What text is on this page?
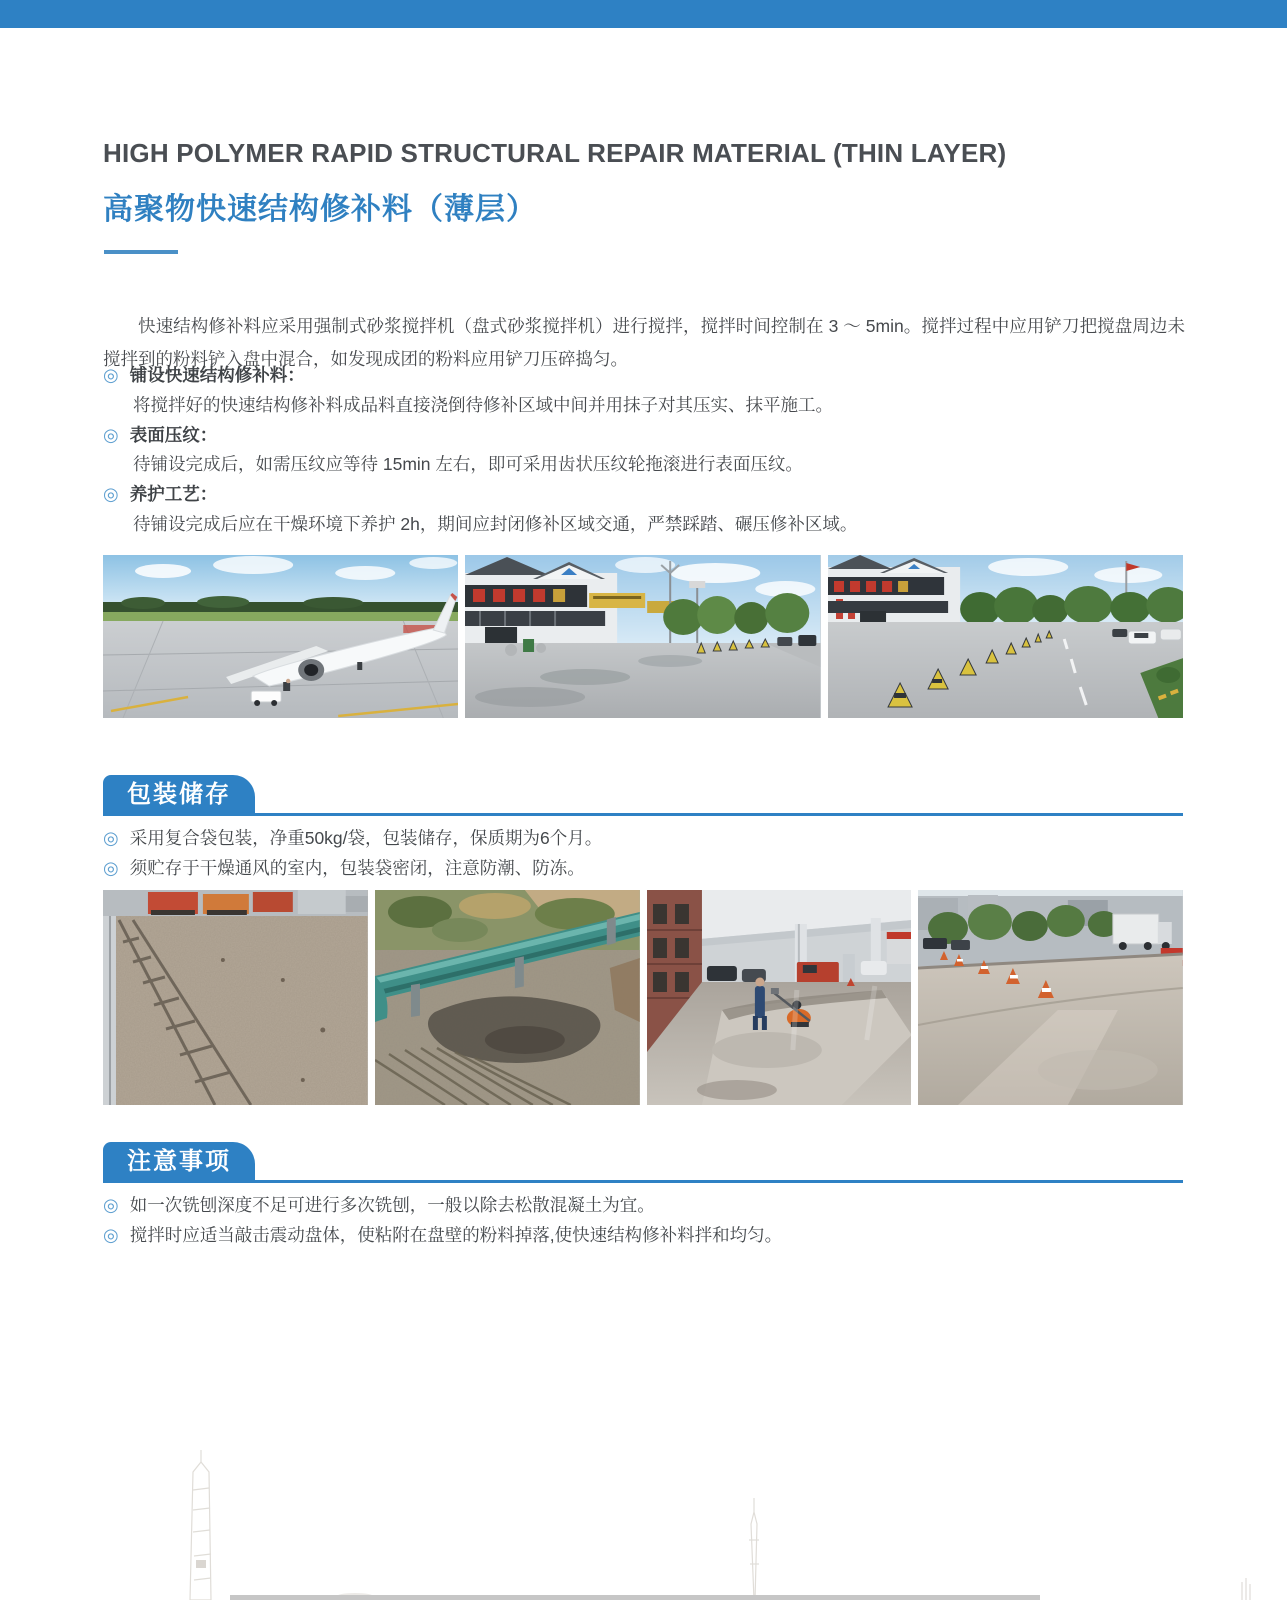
HIGH POLYMER RAPID STRUCTURAL REPAIR MATERIAL (THIN LAYER)
高聚物快速结构修补料（薄层）

快速结构修补料应采用强制式砂浆搅拌机（盘式砂浆搅拌机）进行搅拌，搅拌时间控制在 3 ～ 5min。搅拌过程中应用铲刀把搅盘周边未搅拌到的粉料铲入盘中混合，如发现成团的粉料应用铲刀压碎捣匀。

◎ 铺设快速结构修补料：
将搅拌好的快速结构修补料成品料直接浇倒待修补区域中间并用抹子对其压实、抹平施工。
◎ 表面压纹：
待铺设完成后，如需压纹应等待 15min 左右，即可采用齿状压纹轮拖滚进行表面压纹。
◎ 养护工艺：
待铺设完成后应在干燥环境下养护 2h，期间应封闭修补区域交通，严禁踩踏、碾压修补区域。
包装储存
◎ 采用复合袋包装，净重50kg/袋，包装储存，保质期为6个月。
◎ 须贮存于干燥通风的室内，包装袋密闭，注意防潮、防冻。
注意事项
◎ 如一次铣刨深度不足可进行多次铣刨，一般以除去松散混凝土为宜。
◎ 搅拌时应适当敲击震动盘体，使粘附在盘壁的粉料掉落,使快速结构修补料拌和均匀。
